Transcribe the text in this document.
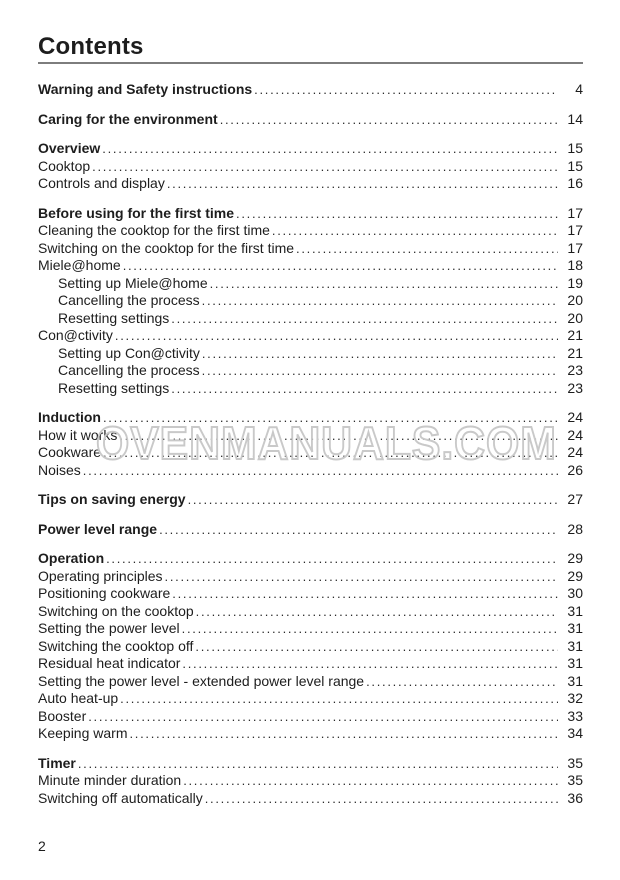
Contents
Warning and Safety instructions .....	4
Caring for the environment .....	14
Overview .....	15
Cooktop .....	15
Controls and display .....	16
Before using for the first time .....	17
Cleaning the cooktop for the first time .....	17
Switching on the cooktop for the first time .....	17
Miele@home .....	18
Setting up Miele@home .....	19
Cancelling the process .....	20
Resetting settings .....	20
Con@ctivity .....	21
Setting up Con@ctivity .....	21
Cancelling the process .....	23
Resetting settings .....	23
Induction .....	24
How it works .....	24
Cookware .....	24
Noises .....	26
Tips on saving energy .....	27
Power level range .....	28
Operation .....	29
Operating principles .....	29
Positioning cookware .....	30
Switching on the cooktop .....	31
Setting the power level .....	31
Switching the cooktop off .....	31
Residual heat indicator .....	31
Setting the power level - extended power level range .....	31
Auto heat-up .....	32
Booster .....	33
Keeping warm .....	34
Timer .....	35
Minute minder duration .....	35
Switching off automatically .....	36
OVENMANUALS.COM
2
